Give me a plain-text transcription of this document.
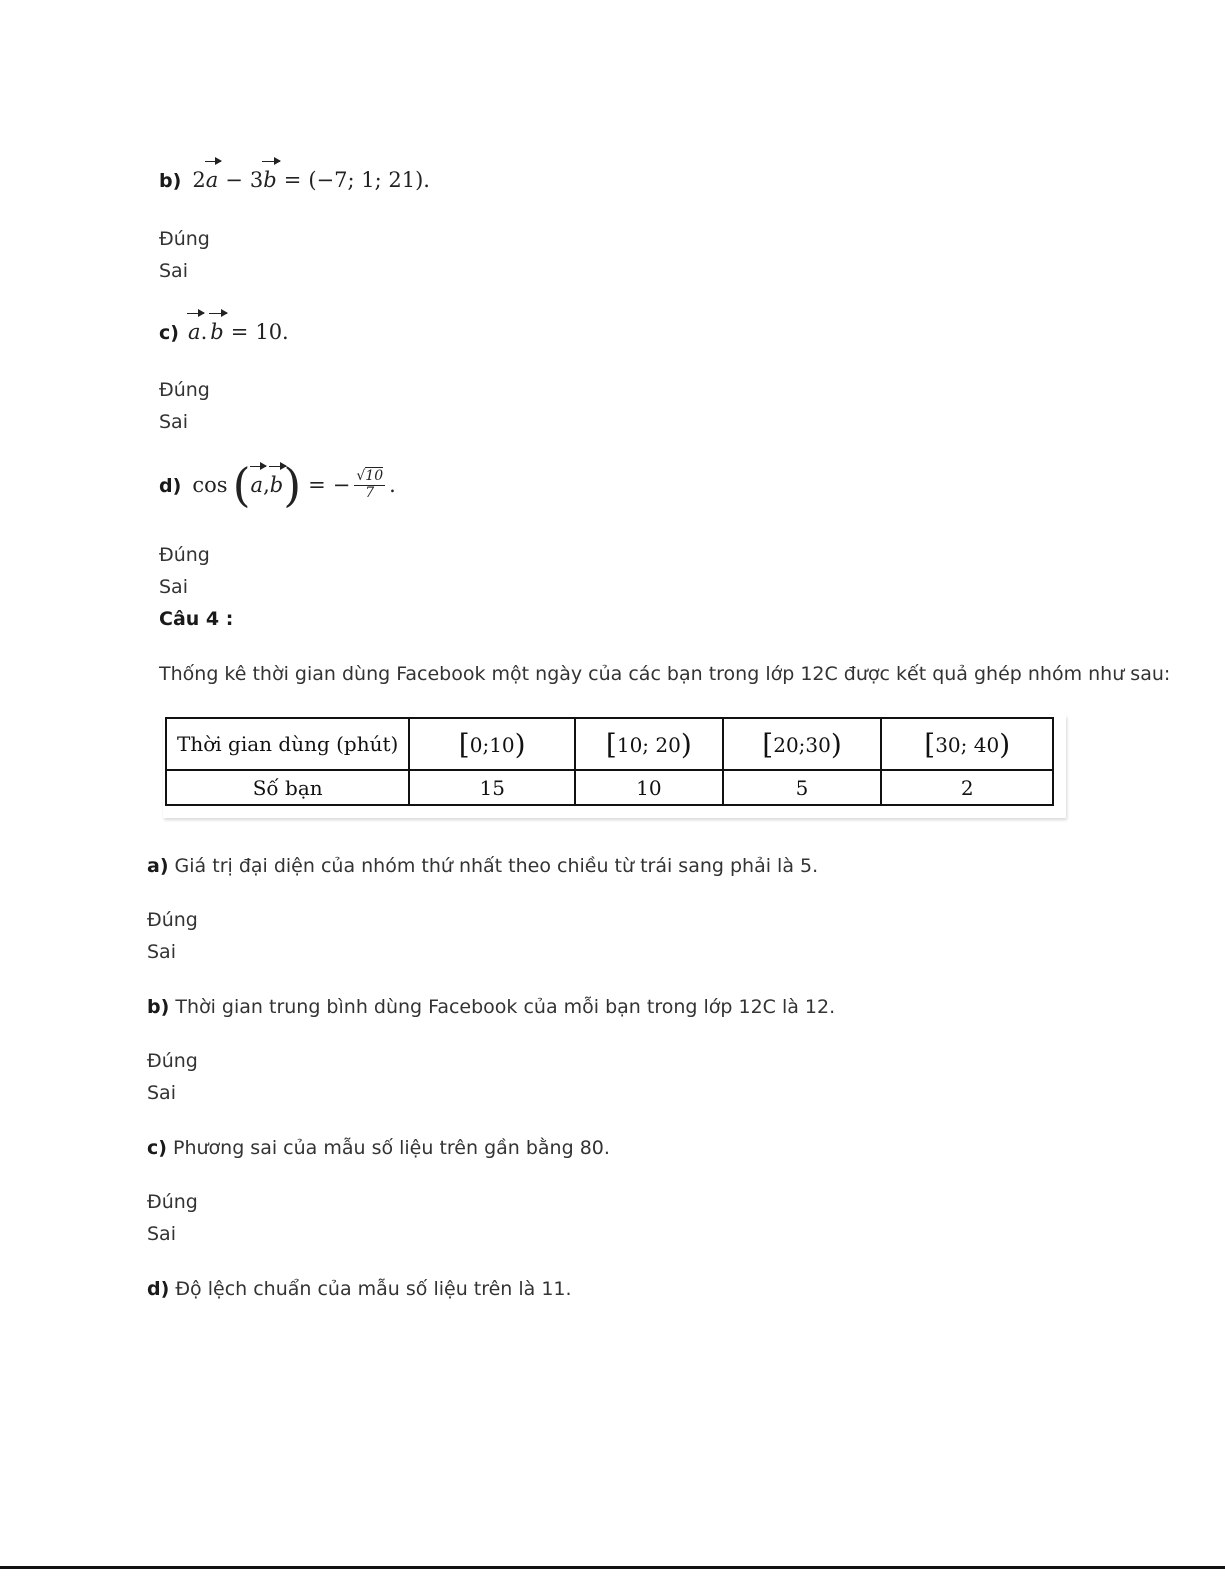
b) 2 a − 3 b = (−7; 1; 21).
Đúng
Sai
c) a . b = 10.
Đúng
Sai
d) cos ( a , b ) = − $\frac{√10}{7}$ .
Đúng
Sai
Câu 4 :
Thống kê thời gian dùng Facebook một ngày của các bạn trong lớp 12C được kết quả ghép nhóm như sau:
Thời gian dùng (phút)	[0;10)	[10; 20)	[20;30)	[30; 40)
Số bạn	15	10	5	2
a) Giá trị đại diện của nhóm thứ nhất theo chiều từ trái sang phải là 5.
Đúng
Sai
b) Thời gian trung bình dùng Facebook của mỗi bạn trong lớp 12C là 12.
Đúng
Sai
c) Phương sai của mẫu số liệu trên gần bằng 80.
Đúng
Sai
d) Độ lệch chuẩn của mẫu số liệu trên là 11.
